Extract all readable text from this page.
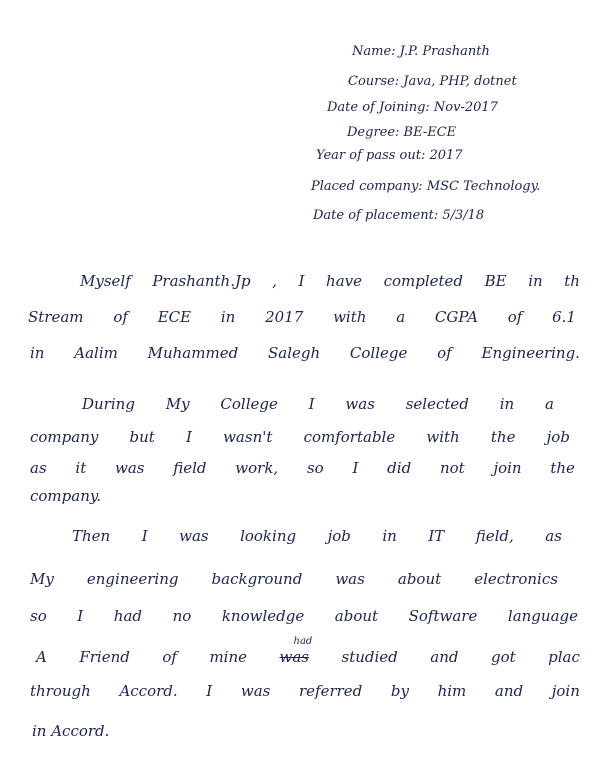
Name: J.P. Prashanth
Course: Java, PHP, dotnet
Date of Joining: Nov-2017
Degree: BE-ECE
Year of pass out: 2017
Placed company: MSC Technology.
Date of placement: 5/3/18
Myself Prashanth.Jp , I have completed BE in th
Stream of ECE in 2017 with a CGPA of 6.1
in Aalim Muhammed Salegh College of Engineering.
During My College I was selected in a
company but I wasn't comfortable with the job
as it was field work, so I did not join the
company.
Then I was looking job in IT field, as
My engineering background was about electronics
so I had no knowledge about Software language
A Friend of mine was
had
studied and got plac
through Accord. I was referred by him and join
in Accord.
